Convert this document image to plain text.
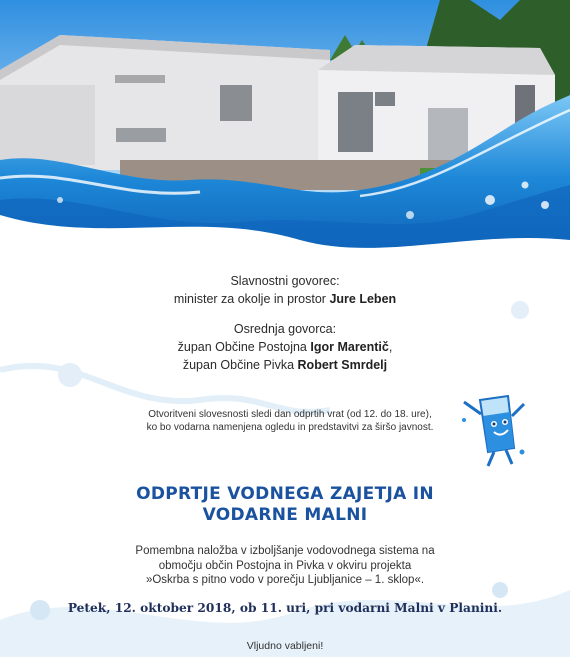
Slavnostni govorec:

minister za okolje in prostor Jure Leben

Osrednja govorca:

župan Občine Postojna Igor Marentič,

župan Občine Pivka Robert Smrdelj

Otvoritveni slovesnosti sledi dan odprtih vrat (od 12. do 18. ure),

ko bo vodarna namenjena ogledu in predstavitvi za širšo javnost.

ODPRTJE VODNEGA ZAJETJA IN

VODARNE MALNI

Pomembna naložba v izboljšanje vodovodnega sistema na

območju občin Postojna in Pivka v okviru projekta

»Oskrba s pitno vodo v porečju Ljubljanice – 1. sklop«.

Petek, 12. oktober 2018, ob 11. uri, pri vodarni Malni v Planini.
Vljudno vabljeni!
